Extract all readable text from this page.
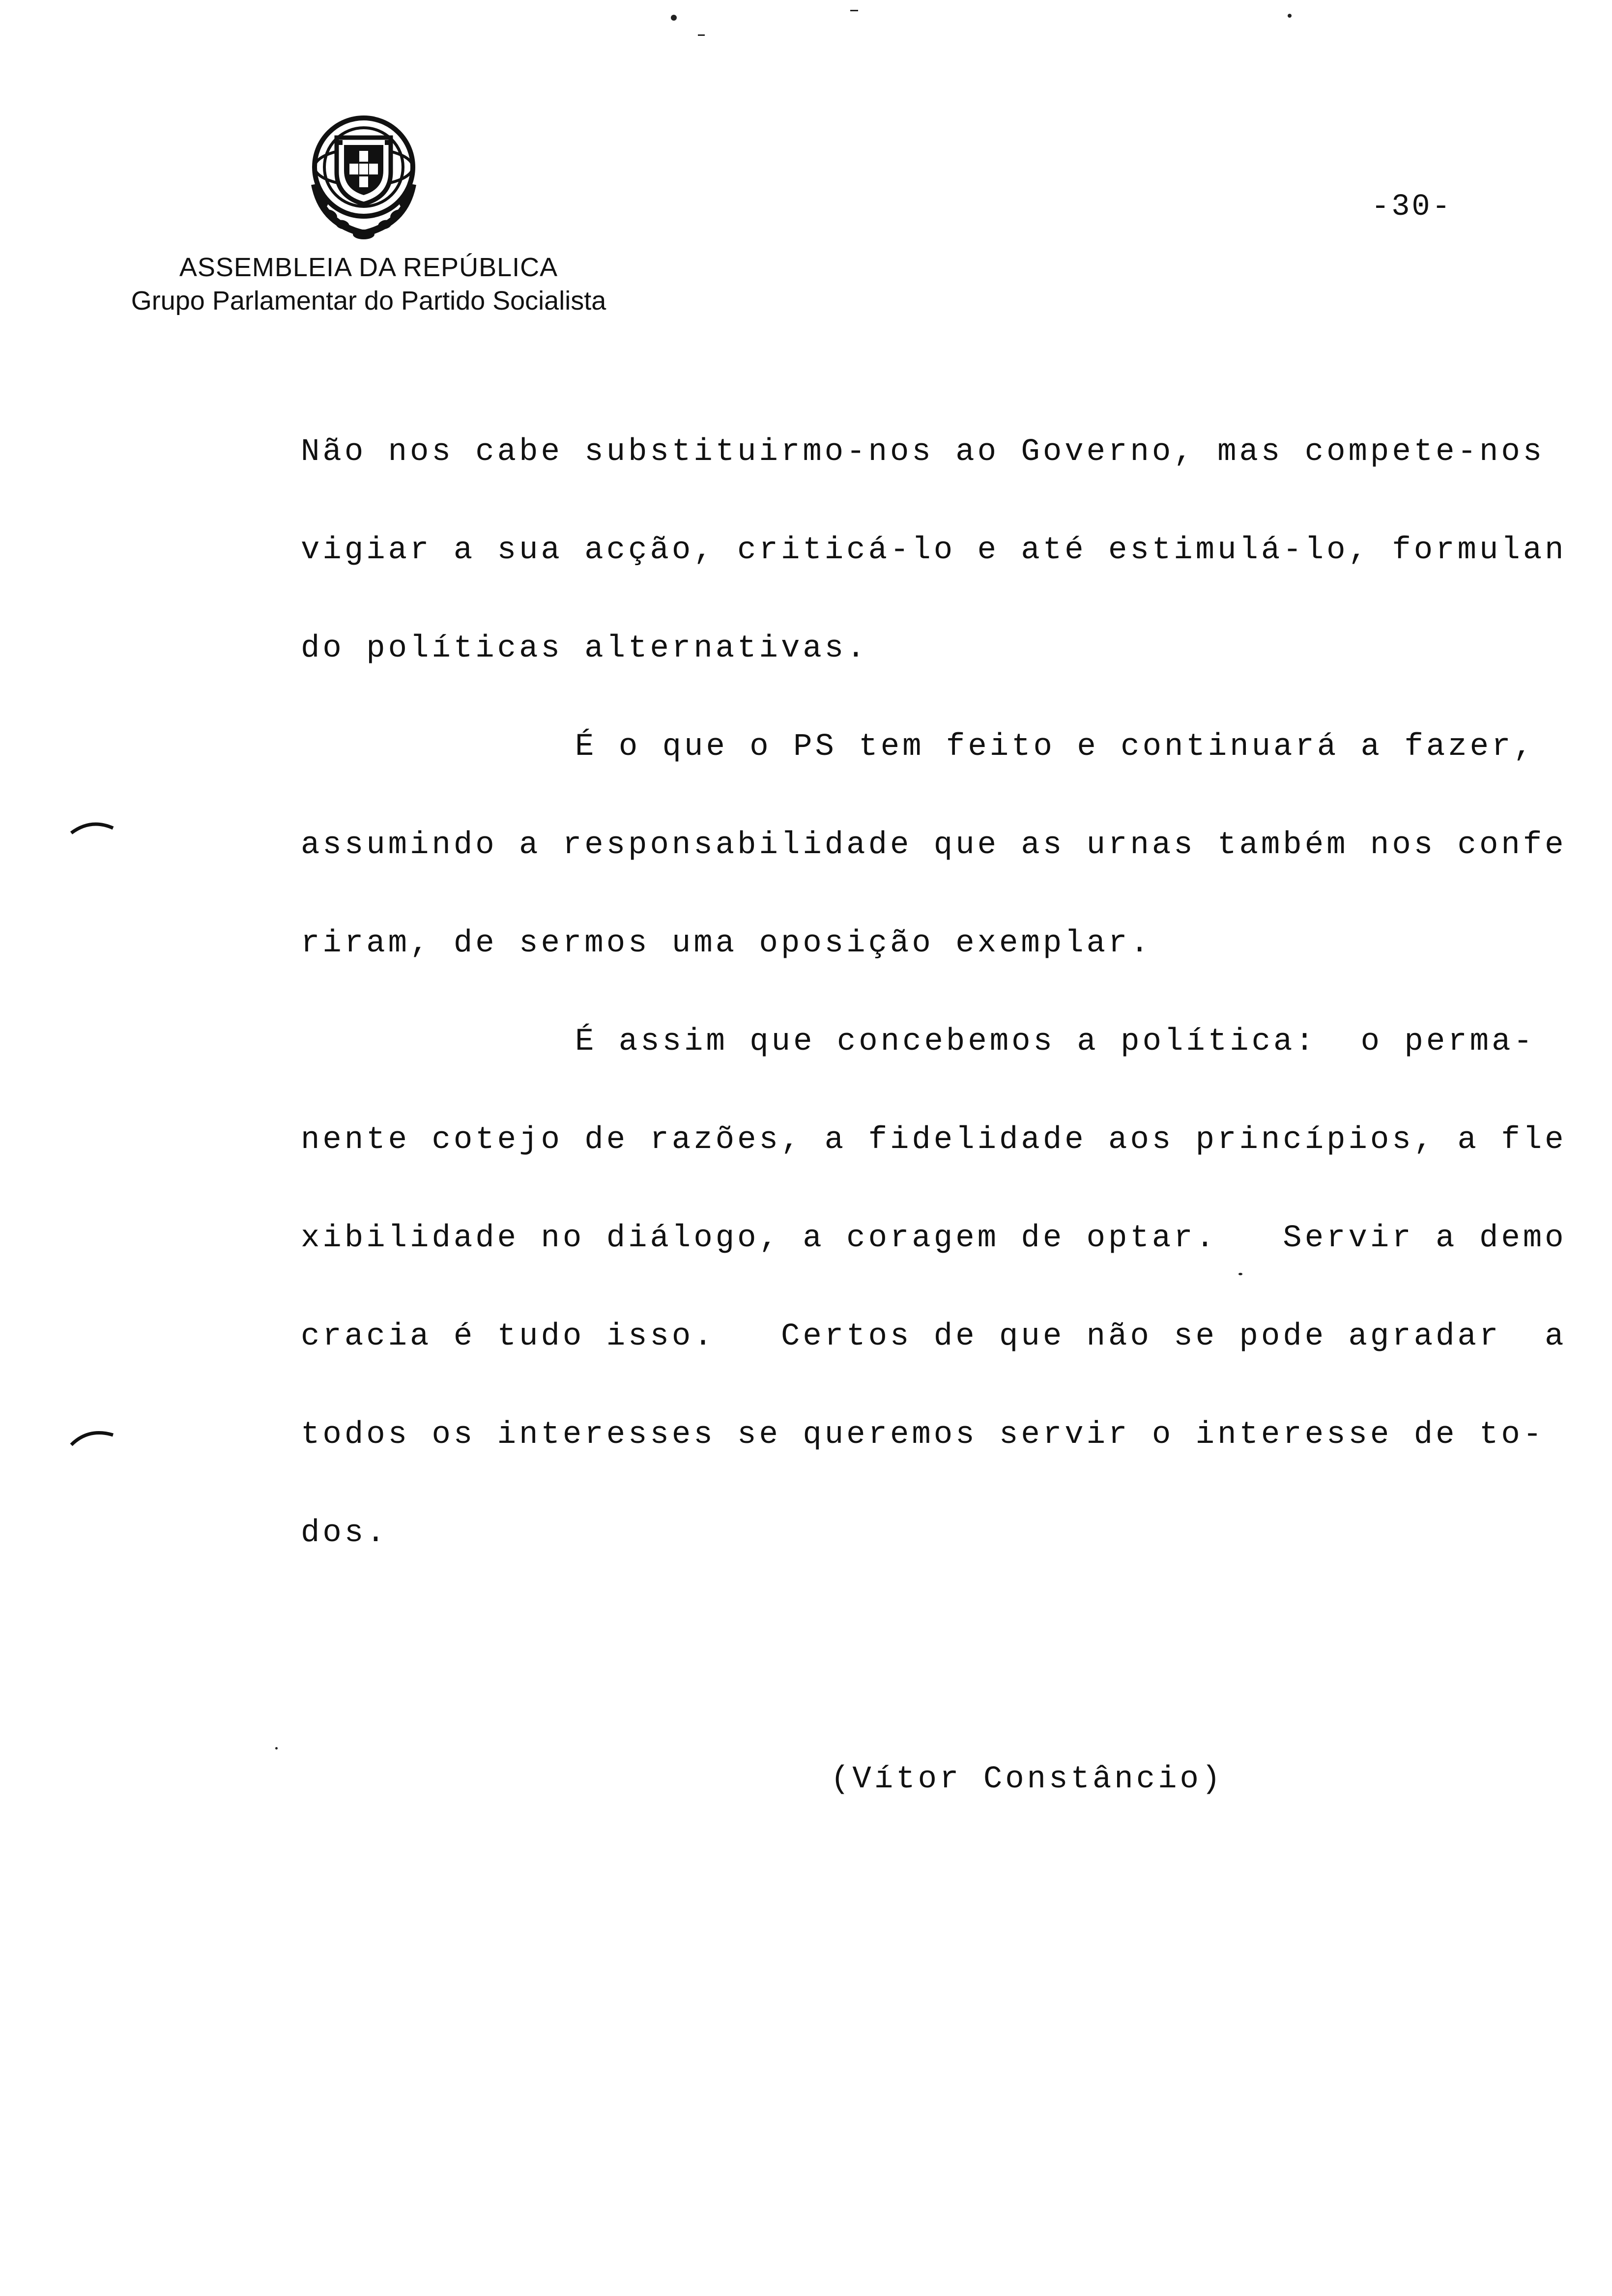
ASSEMBLEIA DA REPÚBLICA
Grupo Parlamentar do Partido Socialista
-30-
Não nos cabe substituirmo-nos ao Governo, mas compete-nos
vigiar a sua acção, criticá-lo e até estimulá-lo, formulan
do políticas alternativas.
É o que o PS tem feito e continuará a fazer,
assumindo a responsabilidade que as urnas também nos confe
riram, de sermos uma oposição exemplar.
É assim que concebemos a política:  o perma-
nente cotejo de razões, a fidelidade aos princípios, a fle
xibilidade no diálogo, a coragem de optar.   Servir a demo
cracia é tudo isso.   Certos de que não se pode agradar  a
todos os interesses se queremos servir o interesse de to-
dos.
(Vítor Constâncio)
